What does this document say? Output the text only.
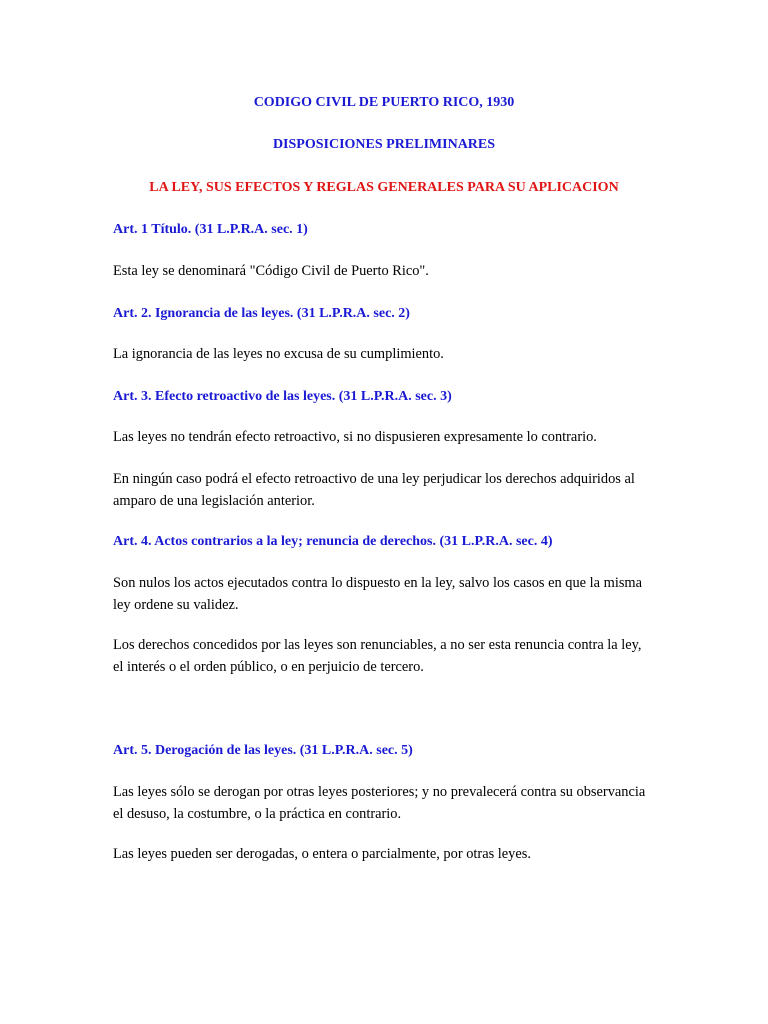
CODIGO CIVIL DE PUERTO RICO, 1930
DISPOSICIONES PRELIMINARES
LA LEY, SUS EFECTOS Y REGLAS GENERALES PARA SU APLICACION
Art. 1 Título. (31 L.P.R.A. sec. 1)

Esta ley se denominará "Código Civil de Puerto Rico".

Art. 2. Ignorancia de las leyes. (31 L.P.R.A. sec. 2)

La ignorancia de las leyes no excusa de su cumplimiento.

Art. 3. Efecto retroactivo de las leyes. (31 L.P.R.A. sec. 3)

Las leyes no tendrán efecto retroactivo, si no dispusieren expresamente lo contrario.

En ningún caso podrá el efecto retroactivo de una ley perjudicar los derechos adquiridos al amparo de una legislación anterior.

Art. 4. Actos contrarios a la ley; renuncia de derechos. (31 L.P.R.A. sec. 4)

Son nulos los actos ejecutados contra lo dispuesto en la ley, salvo los casos en que la misma ley ordene su validez.

Los derechos concedidos por las leyes son renunciables, a no ser esta renuncia contra la ley, el interés o el orden público, o en perjuicio de tercero.

Art. 5. Derogación de las leyes. (31 L.P.R.A. sec. 5)

Las leyes sólo se derogan por otras leyes posteriores; y no prevalecerá contra su observancia el desuso, la costumbre, o la práctica en contrario.

Las leyes pueden ser derogadas, o entera o parcialmente, por otras leyes.
